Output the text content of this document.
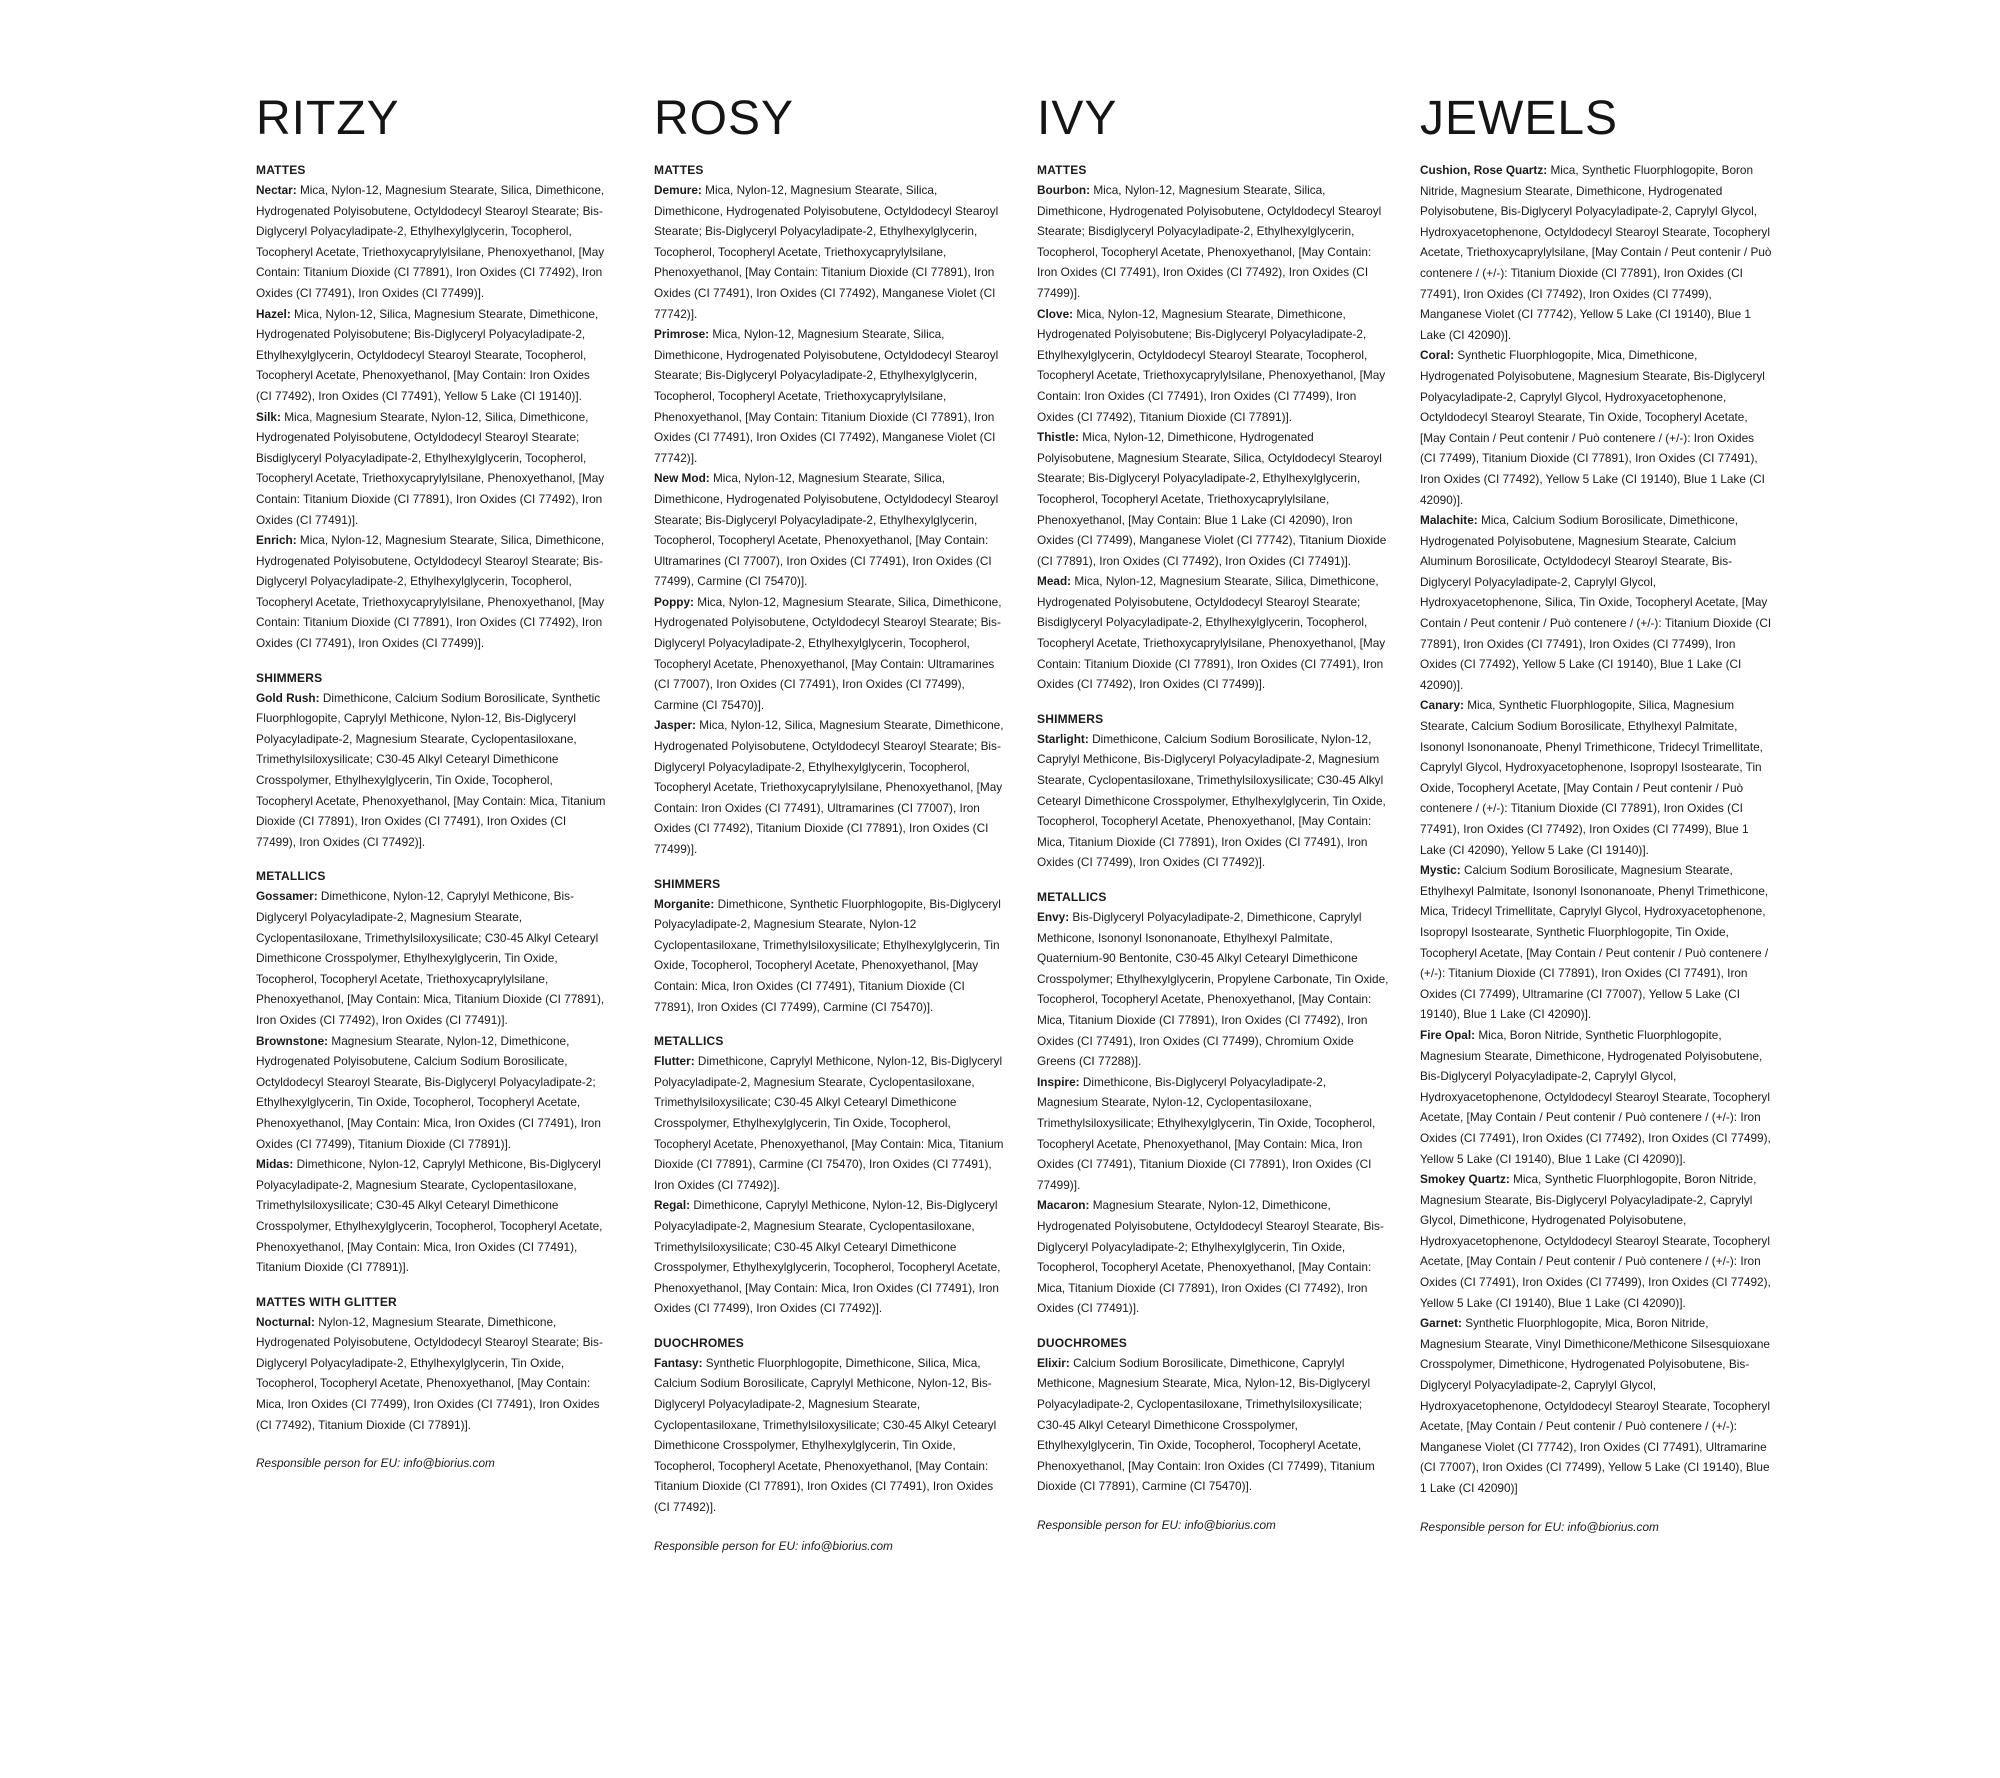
RITZY
MATTES

Nectar: Mica, Nylon-12, Magnesium Stearate, Silica, Dimethicone, Hydrogenated Polyisobutene, Octyldodecyl Stearoyl Stearate; Bis-Diglyceryl Polyacyladipate-2, Ethylhexylglycerin, Tocopherol, Tocopheryl Acetate, Triethoxycaprylylsilane, Phenoxyethanol, [May Contain: Titanium Dioxide (CI 77891), Iron Oxides (CI 77492), Iron Oxides (CI 77491), Iron Oxides (CI 77499)].

Hazel: Mica, Nylon-12, Silica, Magnesium Stearate, Dimethicone, Hydrogenated Polyisobutene; Bis-Diglyceryl Polyacyladipate-2, Ethylhexylglycerin, Octyldodecyl Stearoyl Stearate, Tocopherol, Tocopheryl Acetate, Phenoxyethanol, [May Contain: Iron Oxides (CI 77492), Iron Oxides (CI 77491), Yellow 5 Lake (CI 19140)].

Silk: Mica, Magnesium Stearate, Nylon-12, Silica, Dimethicone, Hydrogenated Polyisobutene, Octyldodecyl Stearoyl Stearate; Bisdiglyceryl Polyacyladipate-2, Ethylhexylglycerin, Tocopherol, Tocopheryl Acetate, Triethoxycaprylylsilane, Phenoxyethanol, [May Contain: Titanium Dioxide (CI 77891), Iron Oxides (CI 77492), Iron Oxides (CI 77491)].

Enrich: Mica, Nylon-12, Magnesium Stearate, Silica, Dimethicone, Hydrogenated Polyisobutene, Octyldodecyl Stearoyl Stearate; Bis-Diglyceryl Polyacyladipate-2, Ethylhexylglycerin, Tocopherol, Tocopheryl Acetate, Triethoxycaprylylsilane, Phenoxyethanol, [May Contain: Titanium Dioxide (CI 77891), Iron Oxides (CI 77492), Iron Oxides (CI 77491), Iron Oxides (CI 77499)].

SHIMMERS

Gold Rush: Dimethicone, Calcium Sodium Borosilicate, Synthetic Fluorphlogopite, Caprylyl Methicone, Nylon-12, Bis-Diglyceryl Polyacyladipate-2, Magnesium Stearate, Cyclopentasiloxane, Trimethylsiloxysilicate; C30-45 Alkyl Cetearyl Dimethicone Crosspolymer, Ethylhexylglycerin, Tin Oxide, Tocopherol, Tocopheryl Acetate, Phenoxyethanol, [May Contain: Mica, Titanium Dioxide (CI 77891), Iron Oxides (CI 77491), Iron Oxides (CI 77499), Iron Oxides (CI 77492)].

METALLICS

Gossamer: Dimethicone, Nylon-12, Caprylyl Methicone, Bis-Diglyceryl Polyacyladipate-2, Magnesium Stearate, Cyclopentasiloxane, Trimethylsiloxysilicate; C30-45 Alkyl Cetearyl Dimethicone Crosspolymer, Ethylhexylglycerin, Tin Oxide, Tocopherol, Tocopheryl Acetate, Triethoxycaprylylsilane, Phenoxyethanol, [May Contain: Mica, Titanium Dioxide (CI 77891), Iron Oxides (CI 77492), Iron Oxides (CI 77491)].

Brownstone: Magnesium Stearate, Nylon-12, Dimethicone, Hydrogenated Polyisobutene, Calcium Sodium Borosilicate, Octyldodecyl Stearoyl Stearate, Bis-Diglyceryl Polyacyladipate-2; Ethylhexylglycerin, Tin Oxide, Tocopherol, Tocopheryl Acetate, Phenoxyethanol, [May Contain: Mica, Iron Oxides (CI 77491), Iron Oxides (CI 77499), Titanium Dioxide (CI 77891)].

Midas: Dimethicone, Nylon-12, Caprylyl Methicone, Bis-Diglyceryl Polyacyladipate-2, Magnesium Stearate, Cyclopentasiloxane, Trimethylsiloxysilicate; C30-45 Alkyl Cetearyl Dimethicone Crosspolymer, Ethylhexylglycerin, Tocopherol, Tocopheryl Acetate, Phenoxyethanol, [May Contain: Mica, Iron Oxides (CI 77491), Titanium Dioxide (CI 77891)].

MATTES WITH GLITTER

Nocturnal: Nylon-12, Magnesium Stearate, Dimethicone, Hydrogenated Polyisobutene, Octyldodecyl Stearoyl Stearate; Bis-Diglyceryl Polyacyladipate-2, Ethylhexylglycerin, Tin Oxide, Tocopherol, Tocopheryl Acetate, Phenoxyethanol, [May Contain: Mica, Iron Oxides (CI 77499), Iron Oxides (CI 77491), Iron Oxides (CI 77492), Titanium Dioxide (CI 77891)].

Responsible person for EU: info@biorius.com
ROSY
MATTES

Demure: Mica, Nylon-12, Magnesium Stearate, Silica, Dimethicone, Hydrogenated Polyisobutene, Octyldodecyl Stearoyl Stearate; Bis-Diglyceryl Polyacyladipate-2, Ethylhexylglycerin, Tocopherol, Tocopheryl Acetate, Triethoxycaprylylsilane, Phenoxyethanol, [May Contain: Titanium Dioxide (CI 77891), Iron Oxides (CI 77491), Iron Oxides (CI 77492), Manganese Violet (CI 77742)].

Primrose: Mica, Nylon-12, Magnesium Stearate, Silica, Dimethicone, Hydrogenated Polyisobutene, Octyldodecyl Stearoyl Stearate; Bis-Diglyceryl Polyacyladipate-2, Ethylhexylglycerin, Tocopherol, Tocopheryl Acetate, Triethoxycaprylylsilane, Phenoxyethanol, [May Contain: Titanium Dioxide (CI 77891), Iron Oxides (CI 77491), Iron Oxides (CI 77492), Manganese Violet (CI 77742)].

New Mod: Mica, Nylon-12, Magnesium Stearate, Silica, Dimethicone, Hydrogenated Polyisobutene, Octyldodecyl Stearoyl Stearate; Bis-Diglyceryl Polyacyladipate-2, Ethylhexylglycerin, Tocopherol, Tocopheryl Acetate, Phenoxyethanol, [May Contain: Ultramarines (CI 77007), Iron Oxides (CI 77491), Iron Oxides (CI 77499), Carmine (CI 75470)].

Poppy: Mica, Nylon-12, Magnesium Stearate, Silica, Dimethicone, Hydrogenated Polyisobutene, Octyldodecyl Stearoyl Stearate; Bis-Diglyceryl Polyacyladipate-2, Ethylhexylglycerin, Tocopherol, Tocopheryl Acetate, Phenoxyethanol, [May Contain: Ultramarines (CI 77007), Iron Oxides (CI 77491), Iron Oxides (CI 77499), Carmine (CI 75470)].

Jasper: Mica, Nylon-12, Silica, Magnesium Stearate, Dimethicone, Hydrogenated Polyisobutene, Octyldodecyl Stearoyl Stearate; Bis-Diglyceryl Polyacyladipate-2, Ethylhexylglycerin, Tocopherol, Tocopheryl Acetate, Triethoxycaprylylsilane, Phenoxyethanol, [May Contain: Iron Oxides (CI 77491), Ultramarines (CI 77007), Iron Oxides (CI 77492), Titanium Dioxide (CI 77891), Iron Oxides (CI 77499)].

SHIMMERS

Morganite: Dimethicone, Synthetic Fluorphlogopite, Bis-Diglyceryl Polyacyladipate-2, Magnesium Stearate, Nylon-12 Cyclopentasiloxane, Trimethylsiloxysilicate; Ethylhexylglycerin, Tin Oxide, Tocopherol, Tocopheryl Acetate, Phenoxyethanol, [May Contain: Mica, Iron Oxides (CI 77491), Titanium Dioxide (CI 77891), Iron Oxides (CI 77499), Carmine (CI 75470)].

METALLICS

Flutter: Dimethicone, Caprylyl Methicone, Nylon-12, Bis-Diglyceryl Polyacyladipate-2, Magnesium Stearate, Cyclopentasiloxane, Trimethylsiloxysilicate; C30-45 Alkyl Cetearyl Dimethicone Crosspolymer, Ethylhexylglycerin, Tin Oxide, Tocopherol, Tocopheryl Acetate, Phenoxyethanol, [May Contain: Mica, Titanium Dioxide (CI 77891), Carmine (CI 75470), Iron Oxides (CI 77491), Iron Oxides (CI 77492)].

Regal: Dimethicone, Caprylyl Methicone, Nylon-12, Bis-Diglyceryl Polyacyladipate-2, Magnesium Stearate, Cyclopentasiloxane, Trimethylsiloxysilicate; C30-45 Alkyl Cetearyl Dimethicone Crosspolymer, Ethylhexylglycerin, Tocopherol, Tocopheryl Acetate, Phenoxyethanol, [May Contain: Mica, Iron Oxides (CI 77491), Iron Oxides (CI 77499), Iron Oxides (CI 77492)].

DUOCHROMES

Fantasy: Synthetic Fluorphlogopite, Dimethicone, Silica, Mica, Calcium Sodium Borosilicate, Caprylyl Methicone, Nylon-12, Bis-Diglyceryl Polyacyladipate-2, Magnesium Stearate, Cyclopentasiloxane, Trimethylsiloxysilicate; C30-45 Alkyl Cetearyl Dimethicone Crosspolymer, Ethylhexylglycerin, Tin Oxide, Tocopherol, Tocopheryl Acetate, Phenoxyethanol, [May Contain: Titanium Dioxide (CI 77891), Iron Oxides (CI 77491), Iron Oxides (CI 77492)].

Responsible person for EU: info@biorius.com
IVY
MATTES

Bourbon: Mica, Nylon-12, Magnesium Stearate, Silica, Dimethicone, Hydrogenated Polyisobutene, Octyldodecyl Stearoyl Stearate; Bisdiglyceryl Polyacyladipate-2, Ethylhexylglycerin, Tocopherol, Tocopheryl Acetate, Phenoxyethanol, [May Contain: Iron Oxides (CI 77491), Iron Oxides (CI 77492), Iron Oxides (CI 77499)].

Clove: Mica, Nylon-12, Magnesium Stearate, Dimethicone, Hydrogenated Polyisobutene; Bis-Diglyceryl Polyacyladipate-2, Ethylhexylglycerin, Octyldodecyl Stearoyl Stearate, Tocopherol, Tocopheryl Acetate, Triethoxycaprylylsilane, Phenoxyethanol, [May Contain: Iron Oxides (CI 77491), Iron Oxides (CI 77499), Iron Oxides (CI 77492), Titanium Dioxide (CI 77891)].

Thistle: Mica, Nylon-12, Dimethicone, Hydrogenated Polyisobutene, Magnesium Stearate, Silica, Octyldodecyl Stearoyl Stearate; Bis-Diglyceryl Polyacyladipate-2, Ethylhexylglycerin, Tocopherol, Tocopheryl Acetate, Triethoxycaprylylsilane, Phenoxyethanol, [May Contain: Blue 1 Lake (CI 42090), Iron Oxides (CI 77499), Manganese Violet (CI 77742), Titanium Dioxide (CI 77891), Iron Oxides (CI 77492), Iron Oxides (CI 77491)].

Mead: Mica, Nylon-12, Magnesium Stearate, Silica, Dimethicone, Hydrogenated Polyisobutene, Octyldodecyl Stearoyl Stearate; Bisdiglyceryl Polyacyladipate-2, Ethylhexylglycerin, Tocopherol, Tocopheryl Acetate, Triethoxycaprylylsilane, Phenoxyethanol, [May Contain: Titanium Dioxide (CI 77891), Iron Oxides (CI 77491), Iron Oxides (CI 77492), Iron Oxides (CI 77499)].

SHIMMERS

Starlight: Dimethicone, Calcium Sodium Borosilicate, Nylon-12, Caprylyl Methicone, Bis-Diglyceryl Polyacyladipate-2, Magnesium Stearate, Cyclopentasiloxane, Trimethylsiloxysilicate; C30-45 Alkyl Cetearyl Dimethicone Crosspolymer, Ethylhexylglycerin, Tin Oxide, Tocopherol, Tocopheryl Acetate, Phenoxyethanol, [May Contain: Mica, Titanium Dioxide (CI 77891), Iron Oxides (CI 77491), Iron Oxides (CI 77499), Iron Oxides (CI 77492)].

METALLICS

Envy: Bis-Diglyceryl Polyacyladipate-2, Dimethicone, Caprylyl Methicone, Isononyl Isononanoate, Ethylhexyl Palmitate, Quaternium-90 Bentonite, C30-45 Alkyl Cetearyl Dimethicone Crosspolymer; Ethylhexylglycerin, Propylene Carbonate, Tin Oxide, Tocopherol, Tocopheryl Acetate, Phenoxyethanol, [May Contain: Mica, Titanium Dioxide (CI 77891), Iron Oxides (CI 77492), Iron Oxides (CI 77491), Iron Oxides (CI 77499), Chromium Oxide Greens (CI 77288)].

Inspire: Dimethicone, Bis-Diglyceryl Polyacyladipate-2, Magnesium Stearate, Nylon-12, Cyclopentasiloxane, Trimethylsiloxysilicate; Ethylhexylglycerin, Tin Oxide, Tocopherol, Tocopheryl Acetate, Phenoxyethanol, [May Contain: Mica, Iron Oxides (CI 77491), Titanium Dioxide (CI 77891), Iron Oxides (CI 77499)].

Macaron: Magnesium Stearate, Nylon-12, Dimethicone, Hydrogenated Polyisobutene, Octyldodecyl Stearoyl Stearate, Bis-Diglyceryl Polyacyladipate-2; Ethylhexylglycerin, Tin Oxide, Tocopherol, Tocopheryl Acetate, Phenoxyethanol, [May Contain: Mica, Titanium Dioxide (CI 77891), Iron Oxides (CI 77492), Iron Oxides (CI 77491)].

DUOCHROMES

Elixir: Calcium Sodium Borosilicate, Dimethicone, Caprylyl Methicone, Magnesium Stearate, Mica, Nylon-12, Bis-Diglyceryl Polyacyladipate-2, Cyclopentasiloxane, Trimethylsiloxysilicate; C30-45 Alkyl Cetearyl Dimethicone Crosspolymer, Ethylhexylglycerin, Tin Oxide, Tocopherol, Tocopheryl Acetate, Phenoxyethanol, [May Contain: Iron Oxides (CI 77499), Titanium Dioxide (CI 77891), Carmine (CI 75470)].

Responsible person for EU: info@biorius.com
JEWELS

Cushion, Rose Quartz: Mica, Synthetic Fluorphlogopite, Boron Nitride, Magnesium Stearate, Dimethicone, Hydrogenated Polyisobutene, Bis-Diglyceryl Polyacyladipate-2, Caprylyl Glycol, Hydroxyacetophenone, Octyldodecyl Stearoyl Stearate, Tocopheryl Acetate, Triethoxycaprylylsilane, [May Contain / Peut contenir / Può contenere / (+/-): Titanium Dioxide (CI 77891), Iron Oxides (CI 77491), Iron Oxides (CI 77492), Iron Oxides (CI 77499), Manganese Violet (CI 77742), Yellow 5 Lake (CI 19140), Blue 1 Lake (CI 42090)].

Coral: Synthetic Fluorphlogopite, Mica, Dimethicone, Hydrogenated Polyisobutene, Magnesium Stearate, Bis-Diglyceryl Polyacyladipate-2, Caprylyl Glycol, Hydroxyacetophenone, Octyldodecyl Stearoyl Stearate, Tin Oxide, Tocopheryl Acetate, [May Contain / Peut contenir / Può contenere / (+/-): Iron Oxides (CI 77499), Titanium Dioxide (CI 77891), Iron Oxides (CI 77491), Iron Oxides (CI 77492), Yellow 5 Lake (CI 19140), Blue 1 Lake (CI 42090)].

Malachite: Mica, Calcium Sodium Borosilicate, Dimethicone, Hydrogenated Polyisobutene, Magnesium Stearate, Calcium Aluminum Borosilicate, Octyldodecyl Stearoyl Stearate, Bis-Diglyceryl Polyacyladipate-2, Caprylyl Glycol, Hydroxyacetophenone, Silica, Tin Oxide, Tocopheryl Acetate, [May Contain / Peut contenir / Può contenere / (+/-): Titanium Dioxide (CI 77891), Iron Oxides (CI 77491), Iron Oxides (CI 77499), Iron Oxides (CI 77492), Yellow 5 Lake (CI 19140), Blue 1 Lake (CI 42090)].

Canary: Mica, Synthetic Fluorphlogopite, Silica, Magnesium Stearate, Calcium Sodium Borosilicate, Ethylhexyl Palmitate, Isononyl Isononanoate, Phenyl Trimethicone, Tridecyl Trimellitate, Caprylyl Glycol, Hydroxyacetophenone, Isopropyl Isostearate, Tin Oxide, Tocopheryl Acetate, [May Contain / Peut contenir / Può contenere / (+/-): Titanium Dioxide (CI 77891), Iron Oxides (CI 77491), Iron Oxides (CI 77492), Iron Oxides (CI 77499), Blue 1 Lake (CI 42090), Yellow 5 Lake (CI 19140)].

Mystic: Calcium Sodium Borosilicate, Magnesium Stearate, Ethylhexyl Palmitate, Isononyl Isononanoate, Phenyl Trimethicone, Mica, Tridecyl Trimellitate, Caprylyl Glycol, Hydroxyacetophenone, Isopropyl Isostearate, Synthetic Fluorphlogopite, Tin Oxide, Tocopheryl Acetate, [May Contain / Peut contenir / Può contenere / (+/-): Titanium Dioxide (CI 77891), Iron Oxides (CI 77491), Iron Oxides (CI 77499), Ultramarine (CI 77007), Yellow 5 Lake (CI 19140), Blue 1 Lake (CI 42090)].

Fire Opal: Mica, Boron Nitride, Synthetic Fluorphlogopite, Magnesium Stearate, Dimethicone, Hydrogenated Polyisobutene, Bis-Diglyceryl Polyacyladipate-2, Caprylyl Glycol, Hydroxyacetophenone, Octyldodecyl Stearoyl Stearate, Tocopheryl Acetate, [May Contain / Peut contenir / Può contenere / (+/-): Iron Oxides (CI 77491), Iron Oxides (CI 77492), Iron Oxides (CI 77499), Yellow 5 Lake (CI 19140), Blue 1 Lake (CI 42090)].

Smokey Quartz: Mica, Synthetic Fluorphlogopite, Boron Nitride, Magnesium Stearate, Bis-Diglyceryl Polyacyladipate-2, Caprylyl Glycol, Dimethicone, Hydrogenated Polyisobutene, Hydroxyacetophenone, Octyldodecyl Stearoyl Stearate, Tocopheryl Acetate, [May Contain / Peut contenir / Può contenere / (+/-): Iron Oxides (CI 77491), Iron Oxides (CI 77499), Iron Oxides (CI 77492), Yellow 5 Lake (CI 19140), Blue 1 Lake (CI 42090)].

Garnet: Synthetic Fluorphlogopite, Mica, Boron Nitride, Magnesium Stearate, Vinyl Dimethicone/Methicone Silsesquioxane Crosspolymer, Dimethicone, Hydrogenated Polyisobutene, Bis-Diglyceryl Polyacyladipate-2, Caprylyl Glycol, Hydroxyacetophenone, Octyldodecyl Stearoyl Stearate, Tocopheryl Acetate, [May Contain / Peut contenir / Può contenere / (+/-): Manganese Violet (CI 77742), Iron Oxides (CI 77491), Ultramarine (CI 77007), Iron Oxides (CI 77499), Yellow 5 Lake (CI 19140), Blue 1 Lake (CI 42090)]

Responsible person for EU: info@biorius.com
